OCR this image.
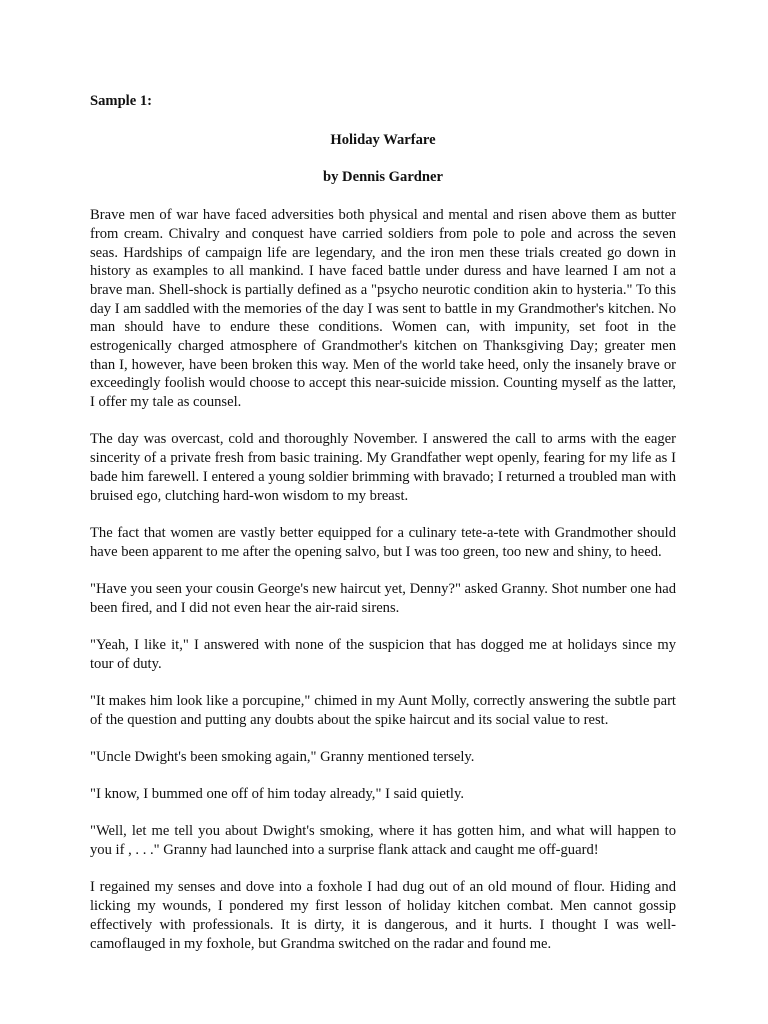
Sample 1:

Holiday Warfare

by Dennis Gardner

Brave men of war have faced adversities both physical and mental and risen above them as butter from cream. Chivalry and conquest have carried soldiers from pole to pole and across the seven seas. Hardships of campaign life are legendary, and the iron men these trials created go down in history as examples to all mankind. I have faced battle under duress and have learned I am not a brave man. Shell-shock is partially defined as a "psycho neurotic condition akin to hysteria." To this day I am saddled with the memories of the day I was sent to battle in my Grandmother's kitchen. No man should have to endure these conditions. Women can, with impunity, set foot in the estrogenically charged atmosphere of Grandmother's kitchen on Thanksgiving Day; greater men than I, however, have been broken this way. Men of the world take heed, only the insanely brave or exceedingly foolish would choose to accept this near-suicide mission. Counting myself as the latter, I offer my tale as counsel.

The day was overcast, cold and thoroughly November. I answered the call to arms with the eager sincerity of a private fresh from basic training. My Grandfather wept openly, fearing for my life as I bade him farewell. I entered a young soldier brimming with bravado; I returned a troubled man with bruised ego, clutching hard-won wisdom to my breast.

The fact that women are vastly better equipped for a culinary tete-a-tete with Grandmother should have been apparent to me after the opening salvo, but I was too green, too new and shiny, to heed.

"Have you seen your cousin George's new haircut yet, Denny?" asked Granny. Shot number one had been fired, and I did not even hear the air-raid sirens.

"Yeah, I like it," I answered with none of the suspicion that has dogged me at holidays since my tour of duty.

"It makes him look like a porcupine," chimed in my Aunt Molly, correctly answering the subtle part of the question and putting any doubts about the spike haircut and its social value to rest.

"Uncle Dwight's been smoking again," Granny mentioned tersely.

"I know, I bummed one off of him today already," I said quietly.

"Well, let me tell you about Dwight's smoking, where it has gotten him, and what will happen to you if , . . ." Granny had launched into a surprise flank attack and caught me off-guard!

I regained my senses and dove into a foxhole I had dug out of an old mound of flour. Hiding and licking my wounds, I pondered my first lesson of holiday kitchen combat. Men cannot gossip effectively with professionals. It is dirty, it is dangerous, and it hurts. I thought I was well-camoflauged in my foxhole, but Grandma switched on the radar and found me.
